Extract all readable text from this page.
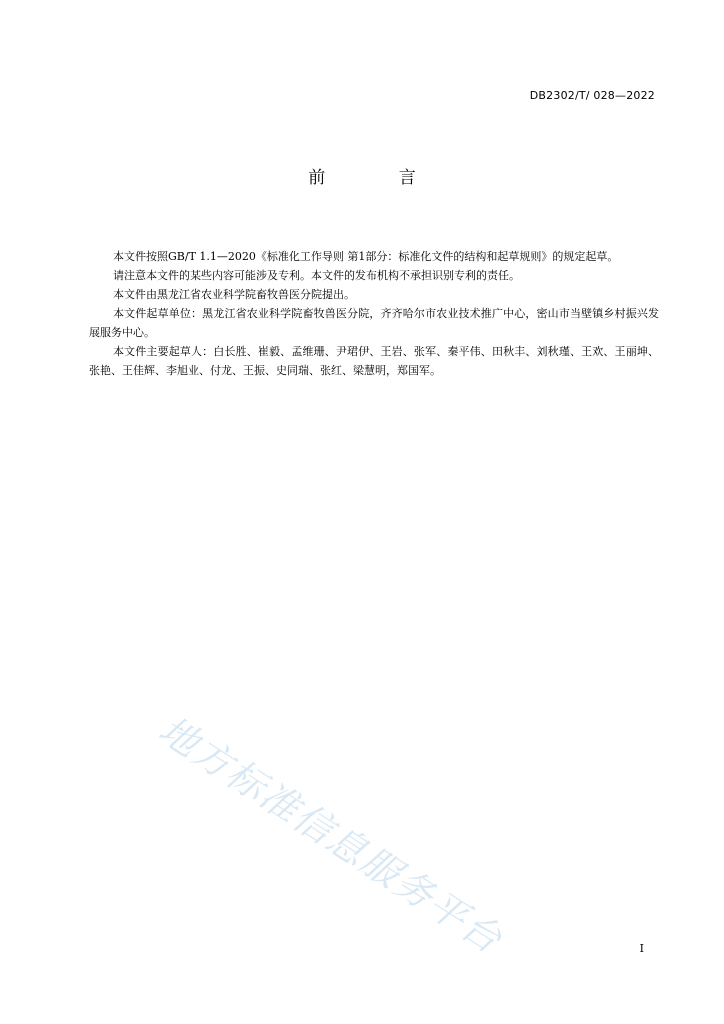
DB2302/T/ 028—2022
前 言

本文件按照GB/T 1.1—2020《标准化工作导则 第1部分：标准化文件的结构和起草规则》的规定起草。

请注意本文件的某些内容可能涉及专利。本文件的发布机构不承担识别专利的责任。

本文件由黑龙江省农业科学院畜牧兽医分院提出。

本文件起草单位：黑龙江省农业科学院畜牧兽医分院，齐齐哈尔市农业技术推广中心，密山市当壁镇乡村振兴发展服务中心。

本文件主要起草人：白长胜、崔毅、孟维珊、尹珺伊、王岩、张军、秦平伟、田秋丰、刘秋瑾、王欢、王丽坤、张艳、王佳辉、李旭业、付龙、王振、史同瑞、张红、梁慧明，郑国军。

地方标准信息服务平台	I
